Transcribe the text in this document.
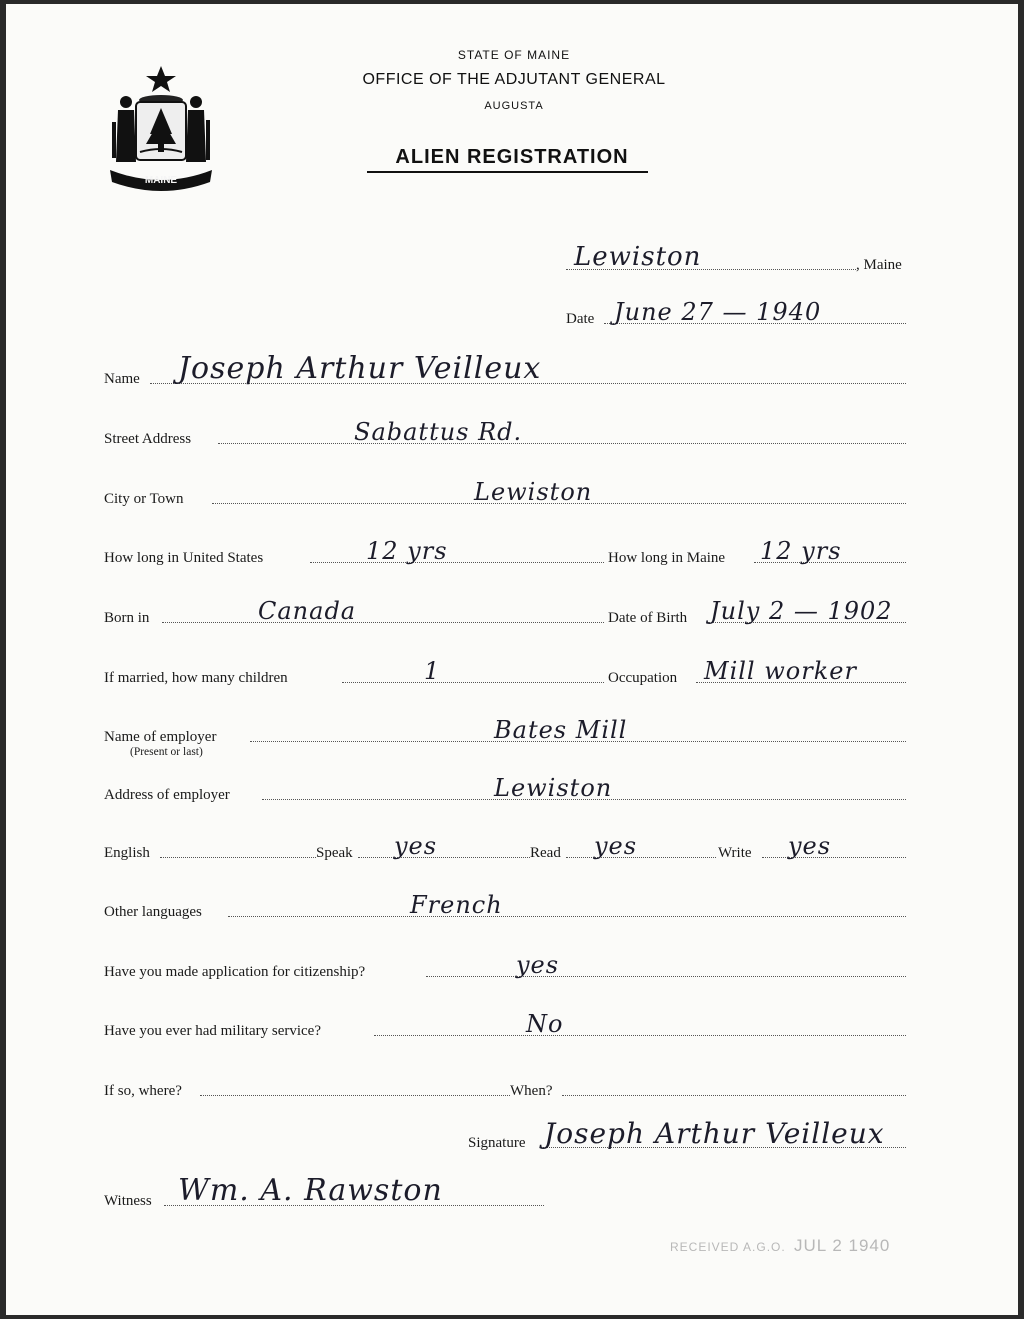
MAINE
STATE OF MAINE
OFFICE OF THE ADJUTANT GENERAL
AUGUSTA
ALIEN REGISTRATION
Lewiston	, Maine
Date June 27 — 1940
Name Joseph Arthur Veilleux
Street Address	Sabattus Rd.
City or Town	Lewiston
How long in United States	12 yrs	How long in Maine 12 yrs
Born in	Canada	Date of Birth July 2 — 1902
If married, how many children	1	Occupation Mill worker
Name of employer	Bates Mill
(Present or last)
Address of employer	Lewiston
English	Speak yes	Read yes	Write yes
Other languages	French
Have you made application for citizenship?	yes
Have you ever had military service?	No
If so, where?	When?
Signature Joseph Arthur Veilleux
Witness Wm. A. Rawston
RECEIVED A.G.O. JUL 2 1940
